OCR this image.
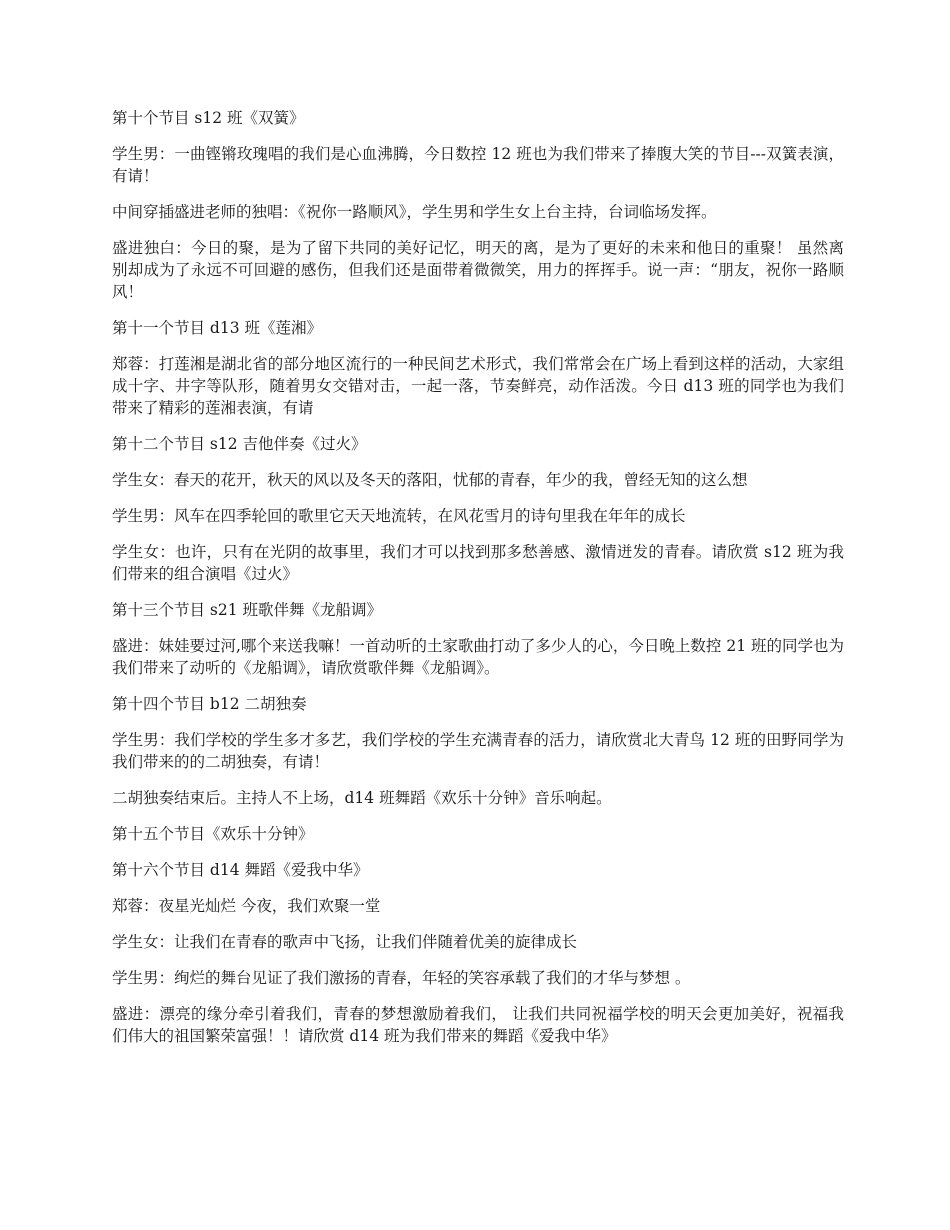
第十个节目 s12 班《双簧》

学生男：一曲铿锵玫瑰唱的我们是心血沸腾，今日数控 12 班也为我们带来了捧腹大笑的节目---双簧表演，有请！

中间穿插盛进老师的独唱：《祝你一路顺风》，学生男和学生女上台主持，台词临场发挥。

盛进独白：今日的聚，是为了留下共同的美好记忆，明天的离，是为了更好的未来和他日的重聚！ 虽然离别却成为了永远不可回避的感伤，但我们还是面带着微微笑，用力的挥挥手。说一声：“朋友，祝你一路顺风！

第十一个节目 d13 班《莲湘》

郑蓉：打莲湘是湖北省的部分地区流行的一种民间艺术形式，我们常常会在广场上看到这样的活动，大家组成十字、井字等队形，随着男女交错对击，一起一落，节奏鲜亮，动作活泼。今日 d13 班的同学也为我们带来了精彩的莲湘表演，有请

第十二个节目 s12 吉他伴奏《过火》

学生女：春天的花开，秋天的风以及冬天的落阳，忧郁的青春，年少的我，曾经无知的这么想

学生男：风车在四季轮回的歌里它天天地流转，在风花雪月的诗句里我在年年的成长

学生女：也许，只有在光阴的故事里，我们才可以找到那多愁善感、激情迸发的青春。请欣赏 s12 班为我们带来的组合演唱《过火》

第十三个节目 s21 班歌伴舞《龙船调》

盛进：妹娃要过河,哪个来送我嘛！一首动听的土家歌曲打动了多少人的心，今日晚上数控 21 班的同学也为我们带来了动听的《龙船调》，请欣赏歌伴舞《龙船调》。

第十四个节目 b12 二胡独奏

学生男：我们学校的学生多才多艺，我们学校的学生充满青春的活力，请欣赏北大青鸟 12 班的田野同学为我们带来的的二胡独奏，有请！

二胡独奏结束后。主持人不上场，d14 班舞蹈《欢乐十分钟》音乐响起。

第十五个节目《欢乐十分钟》

第十六个节目 d14 舞蹈《爱我中华》

郑蓉：夜星光灿烂 今夜，我们欢聚一堂

学生女：让我们在青春的歌声中飞扬，让我们伴随着优美的旋律成长

学生男：绚烂的舞台见证了我们激扬的青春，年轻的笑容承载了我们的才华与梦想 。

盛进：漂亮的缘分牵引着我们，青春的梦想激励着我们， 让我们共同祝福学校的明天会更加美好，祝福我们伟大的祖国繁荣富强！！请欣赏 d14 班为我们带来的舞蹈《爱我中华》
